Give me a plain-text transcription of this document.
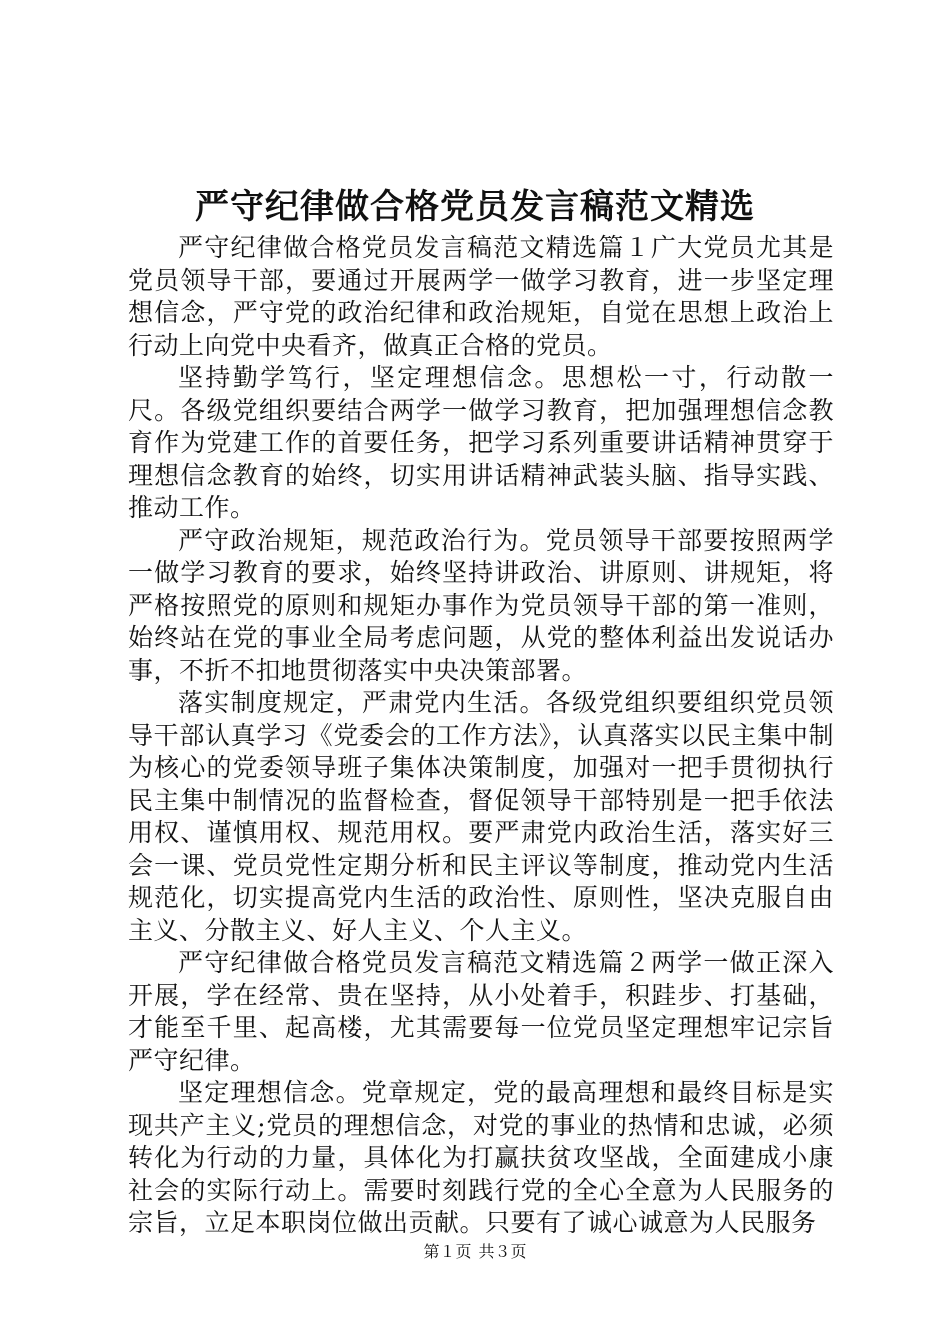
严守纪律做合格党员发言稿范文精选

严守纪律做合格党员发言稿范文精选篇１广大党员尤其是党员领导干部，要通过开展两学一做学习教育，进一步坚定理想信念，严守党的政治纪律和政治规矩，自觉在思想上政治上行动上向党中央看齐，做真正合格的党员。

坚持勤学笃行，坚定理想信念。思想松一寸，行动散一尺。各级党组织要结合两学一做学习教育，把加强理想信念教育作为党建工作的首要任务，把学习系列重要讲话精神贯穿于理想信念教育的始终，切实用讲话精神武装头脑、指导实践、推动工作。

严守政治规矩，规范政治行为。党员领导干部要按照两学一做学习教育的要求，始终坚持讲政治、讲原则、讲规矩，将严格按照党的原则和规矩办事作为党员领导干部的第一准则，始终站在党的事业全局考虑问题，从党的整体利益出发说话办事，不折不扣地贯彻落实中央决策部署。

落实制度规定，严肃党内生活。各级党组织要组织党员领导干部认真学习《党委会的工作方法》，认真落实以民主集中制为核心的党委领导班子集体决策制度，加强对一把手贯彻执行民主集中制情况的监督检查，督促领导干部特别是一把手依法用权、谨慎用权、规范用权。要严肃党内政治生活，落实好三会一课、党员党性定期分析和民主评议等制度，推动党内生活规范化，切实提高党内生活的政治性、原则性，坚决克服自由主义、分散主义、好人主义、个人主义。

严守纪律做合格党员发言稿范文精选篇２两学一做正深入开展，学在经常、贵在坚持，从小处着手，积跬步、打基础，才能至千里、起高楼，尤其需要每一位党员坚定理想牢记宗旨严守纪律。

坚定理想信念。党章规定，党的最高理想和最终目标是实现共产主义;党员的理想信念，对党的事业的热情和忠诚，必须转化为行动的力量，具体化为打赢扶贫攻坚战，全面建成小康社会的实际行动上。需要时刻践行党的全心全意为人民服务的宗旨，立足本职岗位做出贡献。只要有了诚心诚意为人民服务

第１页 共３页
